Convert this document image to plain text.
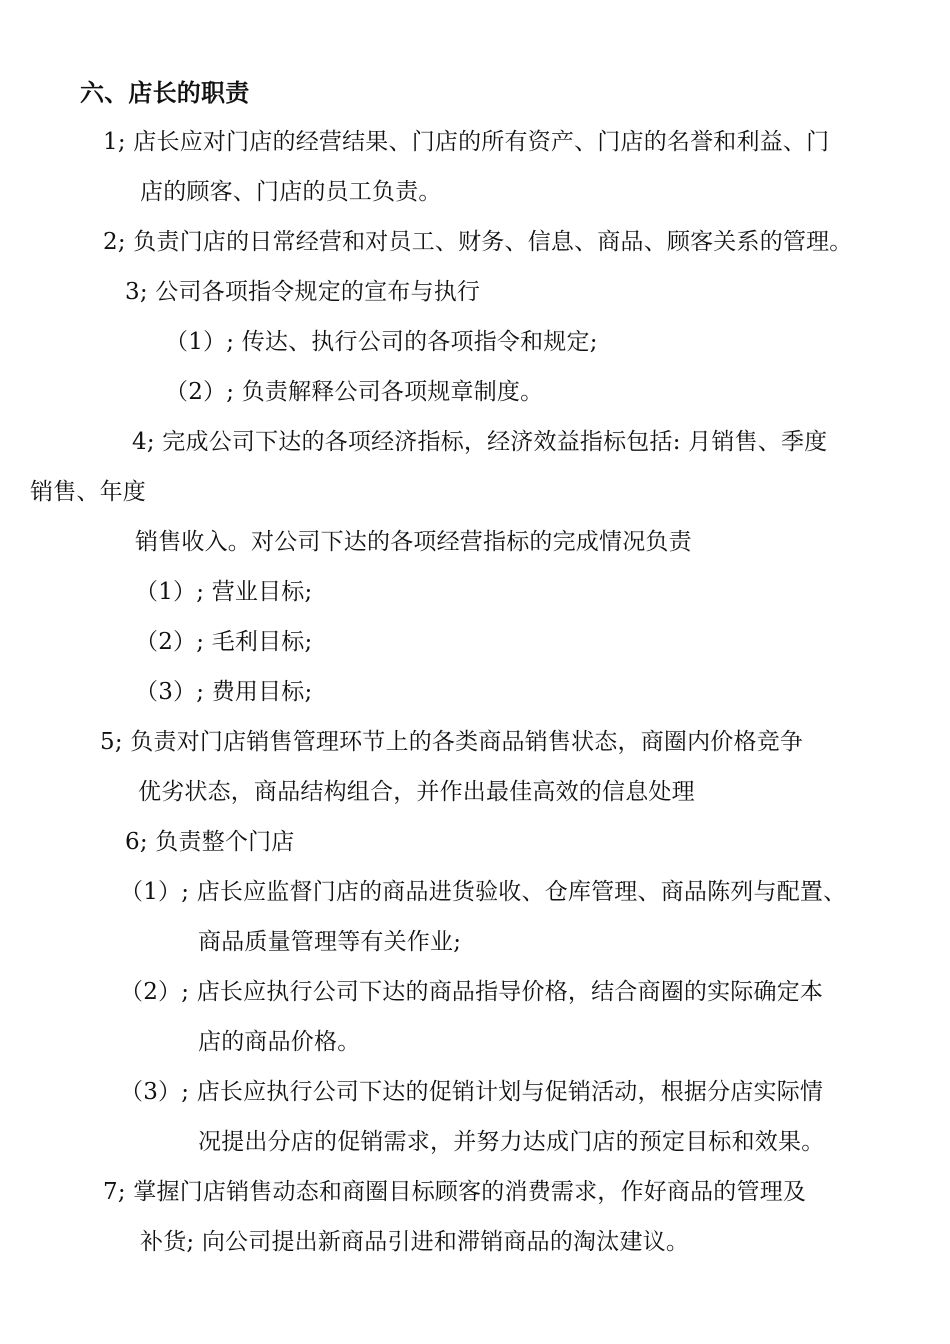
六、店长的职责
1; 店长应对门店的经营结果、门店的所有资产、门店的名誉和利益、门
店的顾客、门店的员工负责。
2; 负责门店的日常经营和对员工、财务、信息、商品、顾客关系的管理。
3; 公司各项指令规定的宣布与执行
（1）; 传达、执行公司的各项指令和规定;
（2）; 负责解释公司各项规章制度。
4; 完成公司下达的各项经济指标，经济效益指标包括: 月销售、季度
销售、年度
销售收入。对公司下达的各项经营指标的完成情况负责
（1）; 营业目标;
（2）; 毛利目标;
（3）; 费用目标;
5; 负责对门店销售管理环节上的各类商品销售状态，商圈内价格竞争
优劣状态，商品结构组合，并作出最佳高效的信息处理
6; 负责整个门店
（1）; 店长应监督门店的商品进货验收、仓库管理、商品陈列与配置、
商品质量管理等有关作业;
（2）; 店长应执行公司下达的商品指导价格，结合商圈的实际确定本
店的商品价格。
（3）; 店长应执行公司下达的促销计划与促销活动，根据分店实际情
况提出分店的促销需求，并努力达成门店的预定目标和效果。
7; 掌握门店销售动态和商圈目标顾客的消费需求，作好商品的管理及
补货; 向公司提出新商品引进和滞销商品的淘汰建议。
